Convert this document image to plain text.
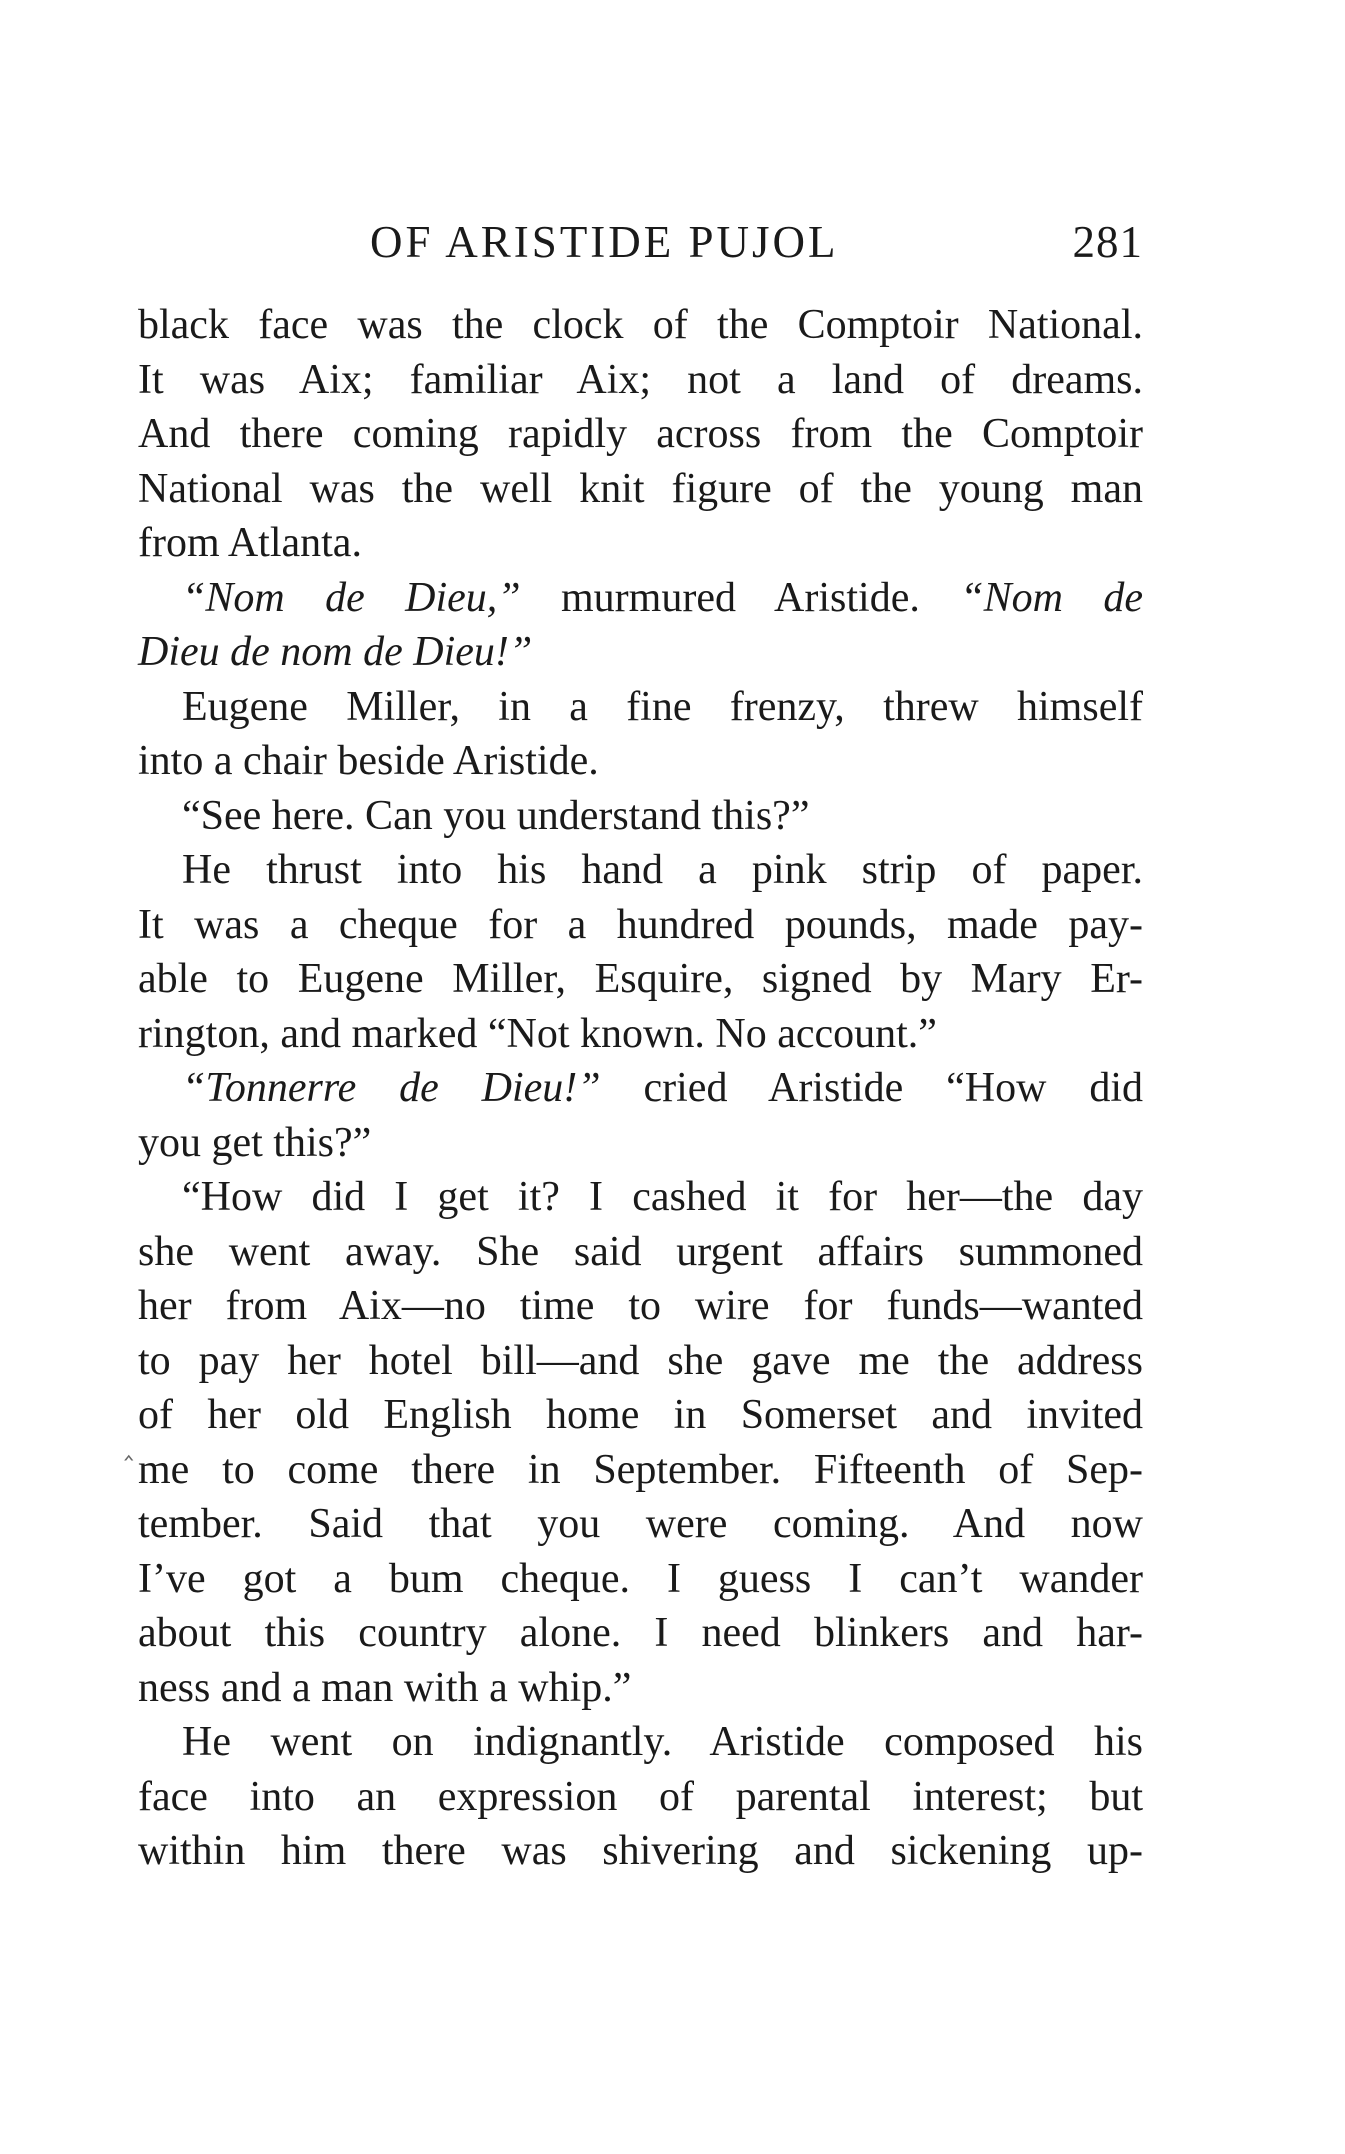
OF ARISTIDE PUJOL	281
black face was the clock of the Comptoir National.
It was Aix; familiar Aix; not a land of dreams.
And there coming rapidly across from the Comptoir
National was the well knit figure of the young man
from Atlanta.
“Nom de Dieu,” murmured Aristide. “Nom de
Dieu de nom de Dieu!”
Eugene Miller, in a fine frenzy, threw himself
into a chair beside Aristide.
“See here. Can you understand this?”
He thrust into his hand a pink strip of paper.
It was a cheque for a hundred pounds, made pay-
able to Eugene Miller, Esquire, signed by Mary Er-
rington, and marked “Not known. No account.”
“Tonnerre de Dieu!” cried Aristide “How did
you get this?”
“How did I get it? I cashed it for her—the day
she went away. She said urgent affairs summoned
her from Aix—no time to wire for funds—wanted
to pay her hotel bill—and she gave me the address
of her old English home in Somerset and invited
me to come there in September. Fifteenth of Sep-
tember. Said that you were coming. And now
I’ve got a bum cheque. I guess I can’t wander
about this country alone. I need blinkers and har-
ness and a man with a whip.”
He went on indignantly. Aristide composed his
face into an expression of parental interest; but
within him there was shivering and sickening up-
‸
